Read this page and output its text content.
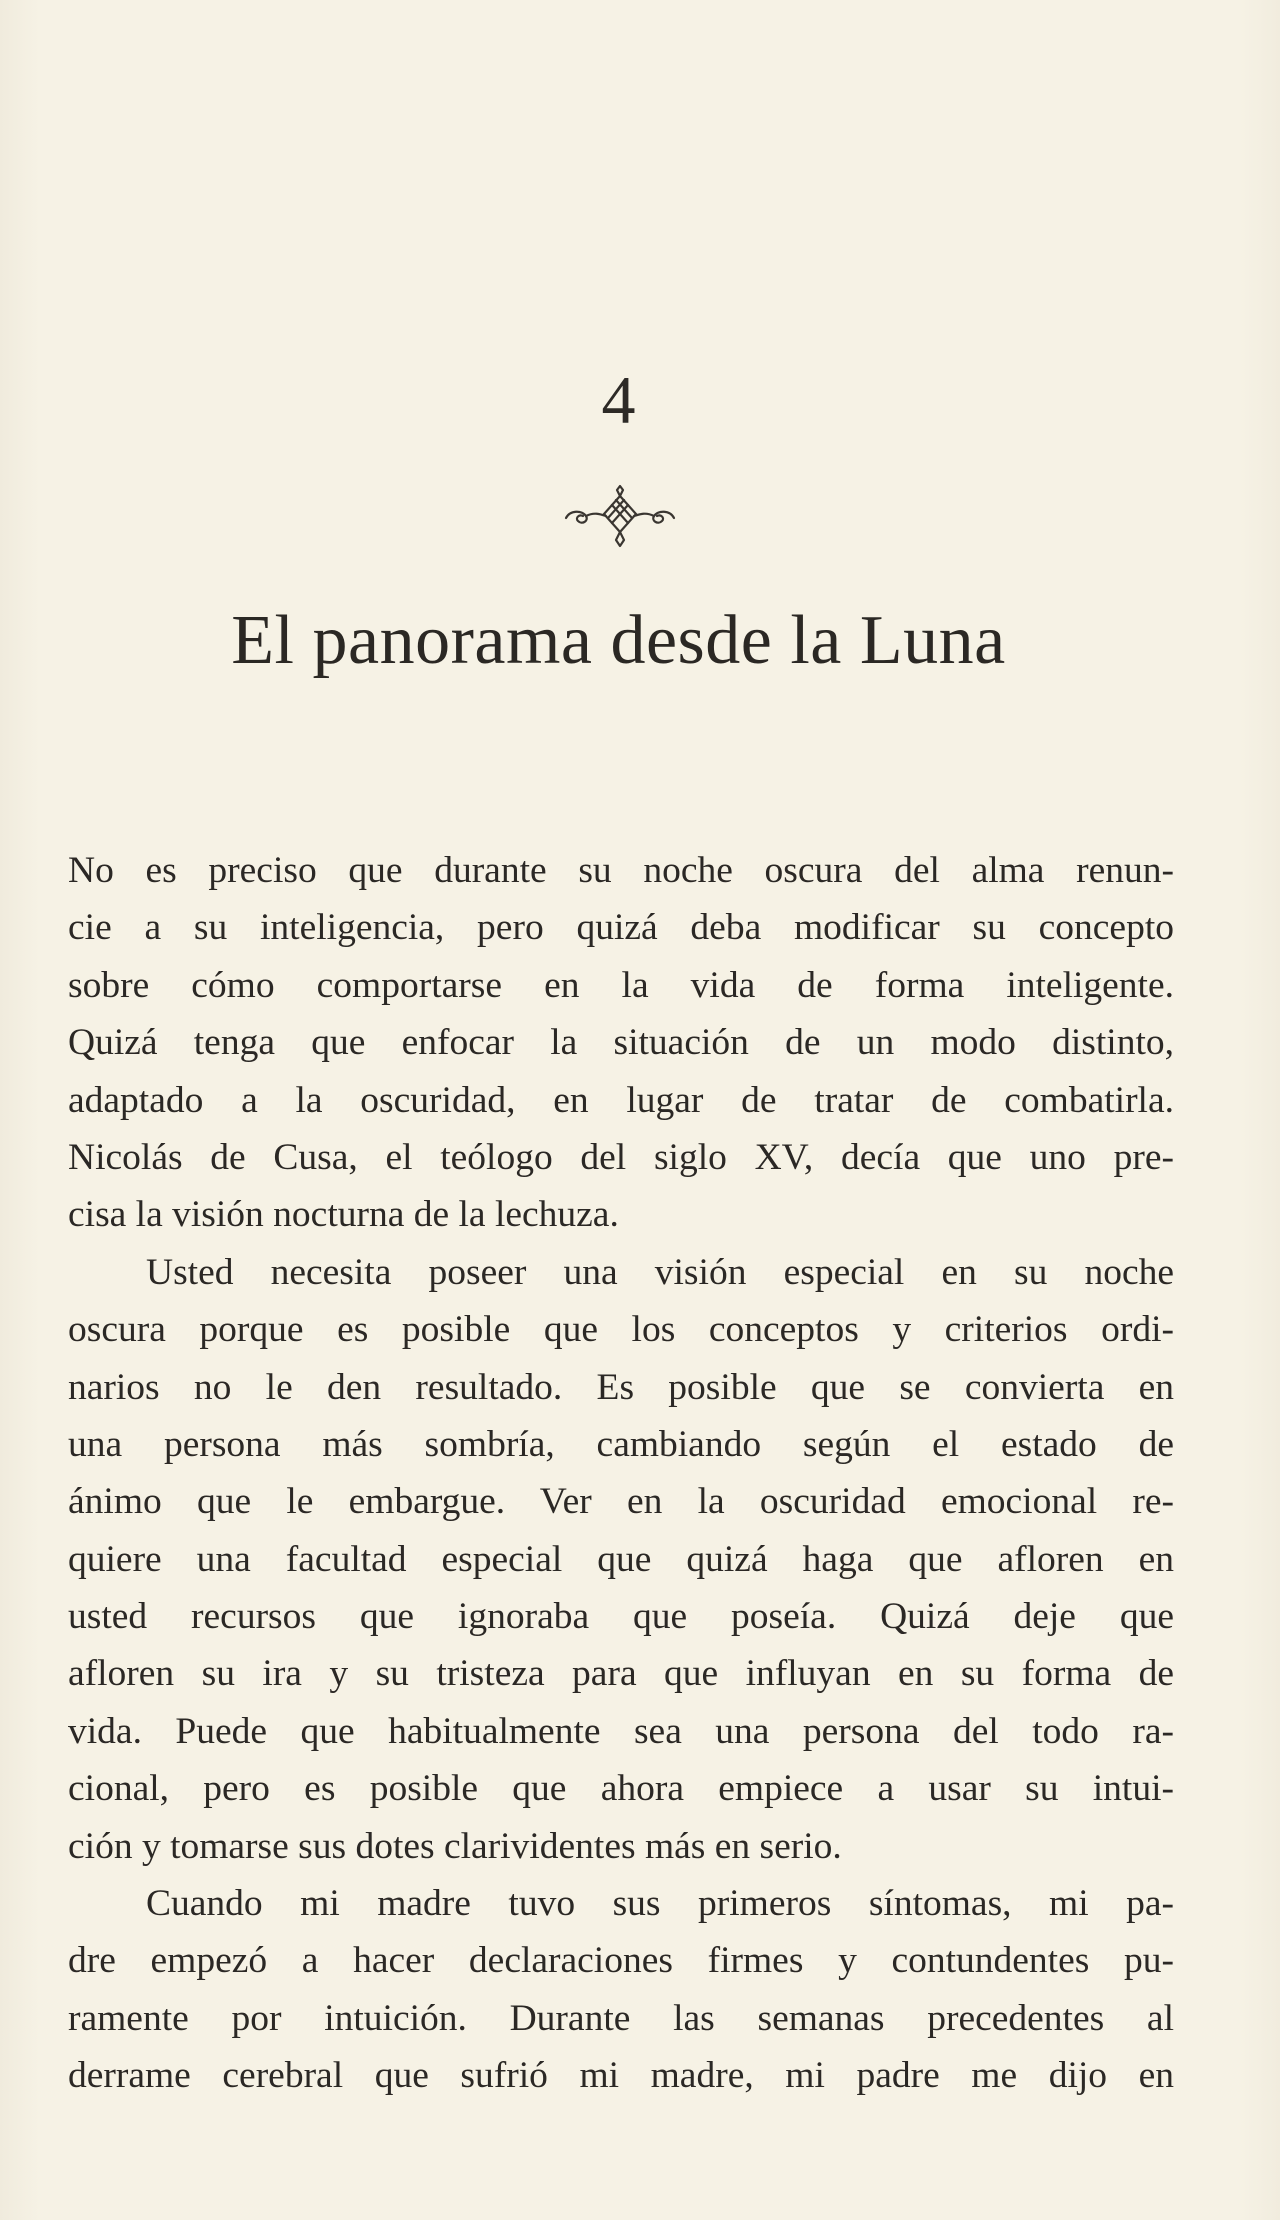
4
El panorama desde la Luna
No es preciso que durante su noche oscura del alma renun-
cie a su inteligencia, pero quizá deba modificar su concepto
sobre cómo comportarse en la vida de forma inteligente.
Quizá tenga que enfocar la situación de un modo distinto,
adaptado a la oscuridad, en lugar de tratar de combatirla.
Nicolás de Cusa, el teólogo del siglo XV, decía que uno pre-
cisa la visión nocturna de la lechuza.
Usted necesita poseer una visión especial en su noche
oscura porque es posible que los conceptos y criterios ordi-
narios no le den resultado. Es posible que se convierta en
una persona más sombría, cambiando según el estado de
ánimo que le embargue. Ver en la oscuridad emocional re-
quiere una facultad especial que quizá haga que afloren en
usted recursos que ignoraba que poseía. Quizá deje que
afloren su ira y su tristeza para que influyan en su forma de
vida. Puede que habitualmente sea una persona del todo ra-
cional, pero es posible que ahora empiece a usar su intui-
ción y tomarse sus dotes clarividentes más en serio.
Cuando mi madre tuvo sus primeros síntomas, mi pa-
dre empezó a hacer declaraciones firmes y contundentes pu-
ramente por intuición. Durante las semanas precedentes al
derrame cerebral que sufrió mi madre, mi padre me dijo en
